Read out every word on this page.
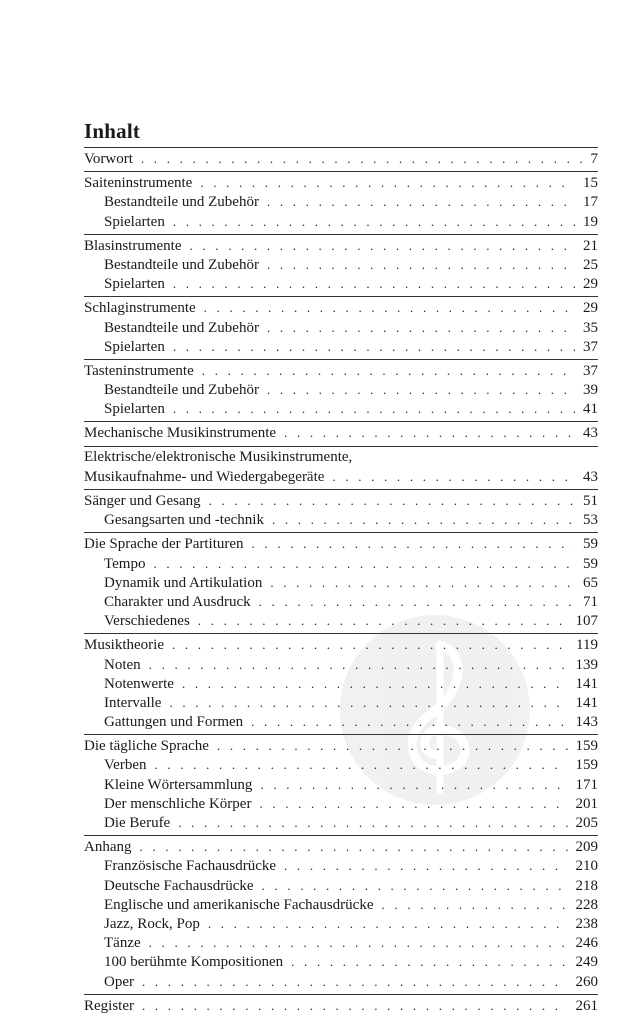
Inhalt
Vorwort . . .	7
Saiteninstrumente . . .	15
Bestandteile und Zubehör . . .	17
Spielarten . . .	19
Blasinstrumente . . .	21
Bestandteile und Zubehör . . .	25
Spielarten . . .	29
Schlaginstrumente . . .	29
Bestandteile und Zubehör . . .	35
Spielarten . . .	37
Tasteninstrumente . . .	37
Bestandteile und Zubehör . . .	39
Spielarten . . .	41
Mechanische Musikinstrumente . . .	43
Elektrische/elektronische Musikinstrumente,
Musikaufnahme- und Wiedergabegeräte . . .	43
Sänger und Gesang . . .	51
Gesangsarten und -technik . . .	53
Die Sprache der Partituren . . .	59
Tempo . . .	59
Dynamik und Artikulation . . .	65
Charakter und Ausdruck . . .	71
Verschiedenes . . .	107
Musiktheorie . . .	119
Noten . . .	139
Notenwerte . . .	141
Intervalle . . .	141
Gattungen und Formen . . .	143
Die tägliche Sprache . . .	159
Verben . . .	159
Kleine Wörtersammlung . . .	171
Der menschliche Körper . . .	201
Die Berufe . . .	205
Anhang . . .	209
Französische Fachausdrücke . . .	210
Deutsche Fachausdrücke . . .	218
Englische und amerikanische Fachausdrücke . . .	228
Jazz, Rock, Pop . . .	238
Tänze . . .	246
100 berühmte Kompositionen . . .	249
Oper . . .	260
Register . . .	261
